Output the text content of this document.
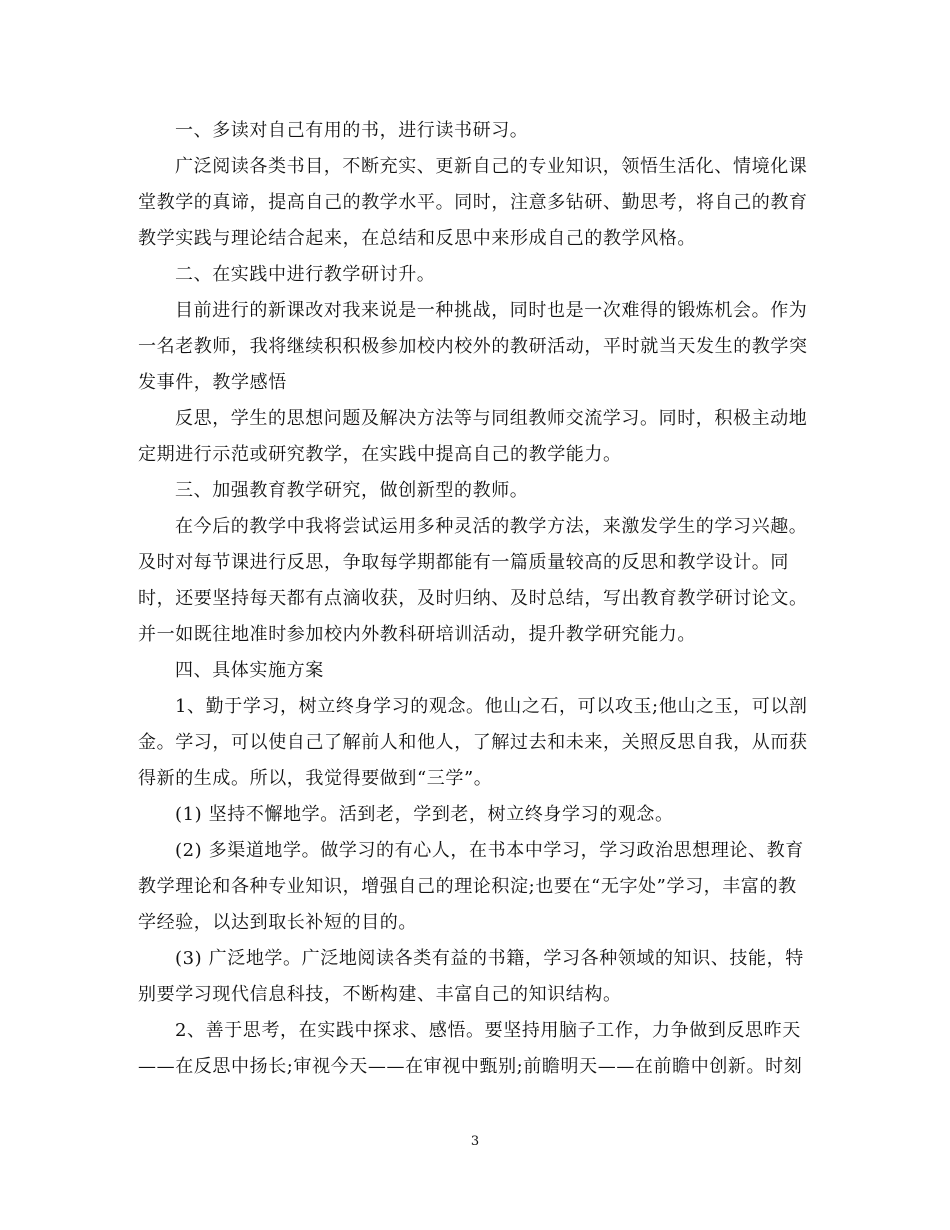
一、多读对自己有用的书，进行读书研习。
广泛阅读各类书目，不断充实、更新自己的专业知识，领悟生活化、情境化课
堂教学的真谛，提高自己的教学水平。同时，注意多钻研、勤思考，将自己的教育
教学实践与理论结合起来，在总结和反思中来形成自己的教学风格。
二、在实践中进行教学研讨升。
目前进行的新课改对我来说是一种挑战，同时也是一次难得的锻炼机会。作为
一名老教师，我将继续积积极参加校内校外的教研活动，平时就当天发生的教学突
发事件，教学感悟
反思，学生的思想问题及解决方法等与同组教师交流学习。同时，积极主动地
定期进行示范或研究教学，在实践中提高自己的教学能力。
三、加强教育教学研究，做创新型的教师。
在今后的教学中我将尝试运用多种灵活的教学方法，来激发学生的学习兴趣。
及时对每节课进行反思，争取每学期都能有一篇质量较高的反思和教学设计。同
时，还要坚持每天都有点滴收获，及时归纳、及时总结，写出教育教学研讨论文。
并一如既往地准时参加校内外教科研培训活动，提升教学研究能力。
四、具体实施方案
1、勤于学习，树立终身学习的观念。他山之石，可以攻玉;他山之玉，可以剖
金。学习，可以使自己了解前人和他人，了解过去和未来，关照反思自我，从而获
得新的生成。所以，我觉得要做到“三学”。
(1) 坚持不懈地学。活到老，学到老，树立终身学习的观念。
(2) 多渠道地学。做学习的有心人，在书本中学习，学习政治思想理论、教育
教学理论和各种专业知识，增强自己的理论积淀;也要在“无字处”学习，丰富的教
学经验，以达到取长补短的目的。
(3) 广泛地学。广泛地阅读各类有益的书籍，学习各种领域的知识、技能，特
别要学习现代信息科技，不断构建、丰富自己的知识结构。
2、善于思考，在实践中探求、感悟。要坚持用脑子工作，力争做到反思昨天
——在反思中扬长;审视今天——在审视中甄别;前瞻明天——在前瞻中创新。时刻
3
